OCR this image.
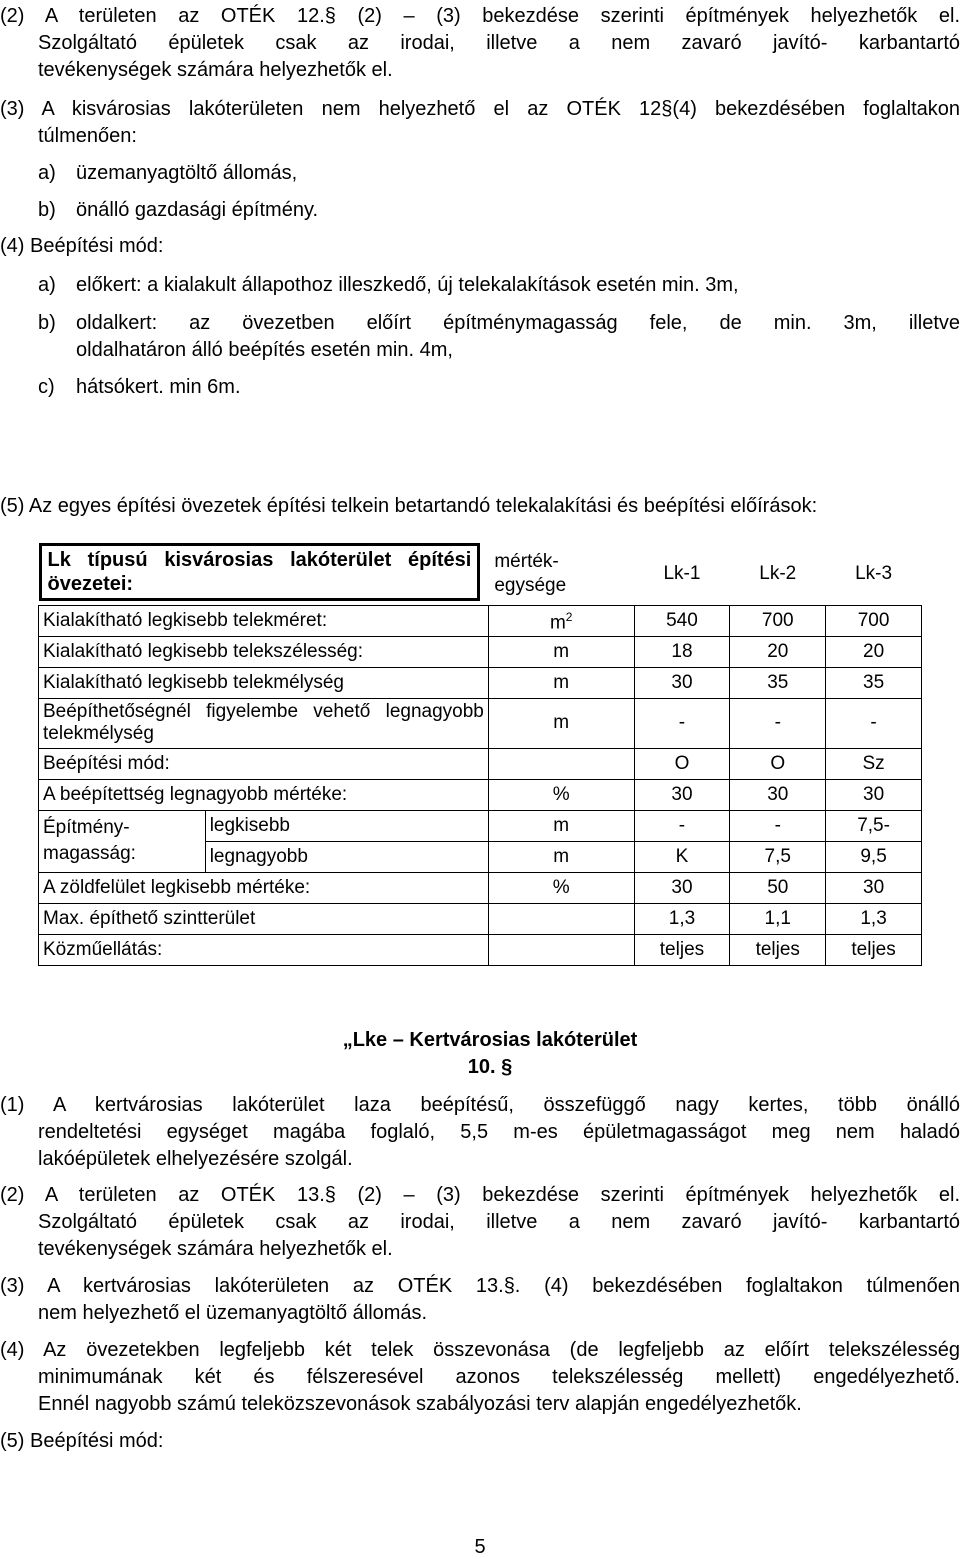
(2) A területen az OTÉK 12.§ (2) – (3) bekezdése szerinti építmények helyezhetők el.
Szolgáltató épületek csak az irodai, illetve a nem zavaró javító- karbantartó
tevékenységek számára helyezhetők el.
(3) A kisvárosias lakóterületen nem helyezhető el az OTÉK 12§(4) bekezdésében foglaltakon
túlmenően:
a) üzemanyagtöltő állomás,
b) önálló gazdasági építmény.
(4) Beépítési mód:
a) előkert: a kialakult állapothoz illeszkedő, új telekalakítások esetén min. 3m,
b) oldalkert: az övezetben előírt építménymagasság fele, de min. 3m, illetve
oldalhatáron álló beépítés esetén min. 4m,
c) hátsókert. min 6m.
(5) Az egyes építési övezetek építési telkein betartandó telekalakítási és beépítési előírások:
Lk típusú kisvárosias lakóterület építési övezetei:		mérték-egysége	Lk-1	Lk-2	Lk-3
Kialakítható legkisebb telekméret:		$m^2$	540	700	700
Kialakítható legkisebb telekszélesség:		m	18	20	20
Kialakítható legkisebb telekmélység		m	30	35	35
Beépíthetőségnél figyelembe vehető legnagyobb telekmélység		m	-	-	-
Beépítési mód:			O	O	Sz
A beépítettség legnagyobb mértéke:		%	30	30	30
Építmény-magasság:	legkisebb	m	-	-	7,5-
	legnagyobb	m	K	7,5	9,5
A zöldfelület legkisebb mértéke:		%	30	50	30
Max. építhető szintterület			1,3	1,1	1,3
Közműellátás:			teljes	teljes	teljes
„Lke – Kertvárosias lakóterület
10. §
(1) A kertvárosias lakóterület laza beépítésű, összefüggő nagy kertes, több önálló
rendeltetési egységet magába foglaló, 5,5 m-es épületmagasságot meg nem haladó
lakóépületek elhelyezésére szolgál.
(2) A területen az OTÉK 13.§ (2) – (3) bekezdése szerinti építmények helyezhetők el.
Szolgáltató épületek csak az irodai, illetve a nem zavaró javító- karbantartó
tevékenységek számára helyezhetők el.
(3) A kertvárosias lakóterületen az OTÉK 13.§. (4) bekezdésében foglaltakon túlmenően
nem helyezhető el üzemanyagtöltő állomás.
(4) Az övezetekben legfeljebb két telek összevonása (de legfeljebb az előírt telekszélesség
minimumának két és félszeresével azonos telekszélesség mellett) engedélyezhető.
Ennél nagyobb számú teleközszevonások szabályozási terv alapján engedélyezhetők.
(5) Beépítési mód:
5
